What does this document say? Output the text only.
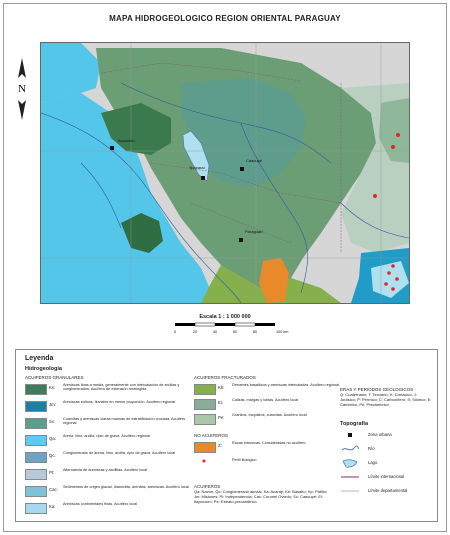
MAPA HIDROGEOLOGICO REGION ORIENTAL PARAGUAY
N
Asunción
Ypacaraí
Caacupé
Paraguarí
Escala 1 : 1 000 000
0	20	40	60	80	100 km
Leyenda
Hidrogeología
ACUIFEROS GRANULARES
Ks: Areniscas finas a media, generalmente con intercalación de arcillas y conglomerados. Acuífero de extensión restringida
Jm: Areniscas eólicas, fluviales en menor proporción. Acuífero regional
Sc: Cuarcitas y areniscas claras marinas de estratificación cruzada. Acuífero regional
Qa: Arena, limo, arcilla, ripio de grava. Acuífero regional
Qc: Conglomerado de arena, limo, arcilla, ripio de grava. Acuífero local
Pt: Alternancia de areniscas y arcillitas. Acuífero local
Cac: Sedimentos de origen glacial, diamictita, arenitas, areniscas. Acuífero local
Ka: Areniscas continentales finas. Acuífero local
ACUIFEROS FRACTURADOS
Kb: Derrames basálticos y areniscas intercaladas. Acuífero regional
Ei: Calizas, margas y lutitas. Acuífero local
Pe: Granitos, esquistos, cuarcitas. Acuífero local
NO ACUIFEROS
Z:	Rocas intrusivas. Consideradas no acuífero
Perfil litológico
ACUIFEROS
Qa: Navón; Qc: Conglomerado aluvial; Ka: Acaray; Kb: Basalto; Kp: Patiño; Jm: Misiones; Pi: Independencia; Cac: Coronel Oviedo; Sc: Caacupé; Ei: Itapucumí; Pe: Estrato precámbrico
ERAS Y PERIODOS GEOLOGICOS
Q: Cuaternario; T: Terciario; K: Cretácico; J: Jurásico; P: Pérmico; C: Carbonífero; S: Silúrico; E: Cámbrico; Pe: Precámbrico
Topografía
Zona urbana
Río
Lago
Límite internacional
Límite departamental
